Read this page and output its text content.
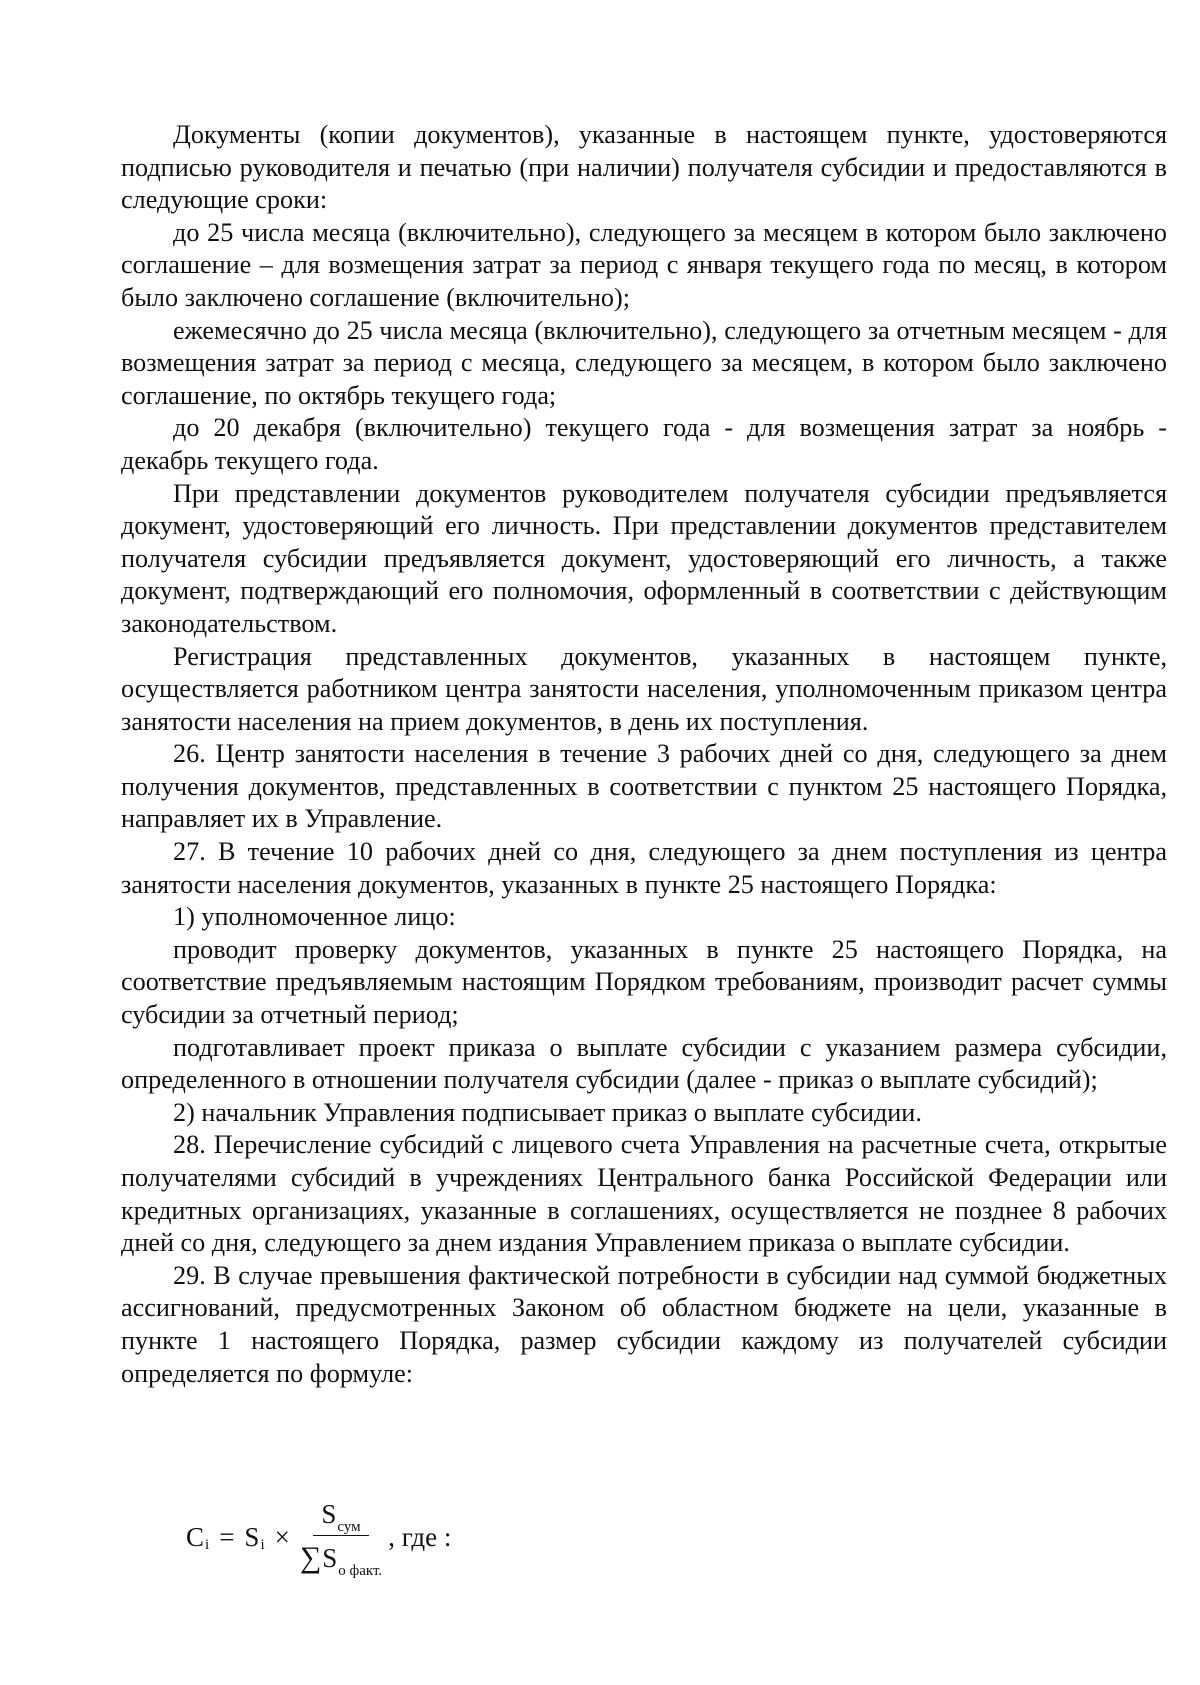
Документы (копии документов), указанные в настоящем пункте, удостоверяются подписью руководителя и печатью (при наличии) получателя субсидии и предоставляются в следующие сроки:

до 25 числа месяца (включительно), следующего за месяцем в котором было заключено соглашение – для возмещения затрат за период с января текущего года по месяц, в котором было заключено соглашение (включительно);

ежемесячно до 25 числа месяца (включительно), следующего за отчетным месяцем - для возмещения затрат за период с месяца, следующего за месяцем, в котором было заключено соглашение, по октябрь текущего года;

до 20 декабря (включительно) текущего года - для возмещения затрат за ноябрь - декабрь текущего года.

При представлении документов руководителем получателя субсидии предъявляется документ, удостоверяющий его личность. При представлении документов представителем получателя субсидии предъявляется документ, удостоверяющий его личность, а также документ, подтверждающий его полномочия, оформленный в соответствии с действующим законодательством.

Регистрация представленных документов, указанных в настоящем пункте, осуществляется работником центра занятости населения, уполномоченным приказом центра занятости населения на прием документов, в день их поступления.

26. Центр занятости населения в течение 3 рабочих дней со дня, следующего за днем получения документов, представленных в соответствии с пунктом 25 настоящего Порядка, направляет их в Управление.

27. В течение 10 рабочих дней со дня, следующего за днем поступления из центра занятости населения документов, указанных в пункте 25 настоящего Порядка:

1) уполномоченное лицо:

проводит проверку документов, указанных в пункте 25 настоящего Порядка, на соответствие предъявляемым настоящим Порядком требованиям, производит расчет суммы субсидии за отчетный период;

подготавливает проект приказа о выплате субсидии с указанием размера субсидии, определенного в отношении получателя субсидии (далее - приказ о выплате субсидий);

2) начальник Управления подписывает приказ о выплате субсидии.

28. Перечисление субсидий с лицевого счета Управления на расчетные счета, открытые получателями субсидий в учреждениях Центрального банка Российской Федерации или кредитных организациях, указанные в соглашениях, осуществляется не позднее 8 рабочих дней со дня, следующего за днем издания Управлением приказа о выплате субсидии.

29. В случае превышения фактической потребности в субсидии над суммой бюджетных ассигнований, предусмотренных Законом об областном бюджете на цели, указанные в пункте 1 настоящего Порядка, размер субсидии каждому из получателей субсидии определяется по формуле:

C i = S $i \times \frac{S_{сум}}{\sum S_{о факт.}}$ , где :
